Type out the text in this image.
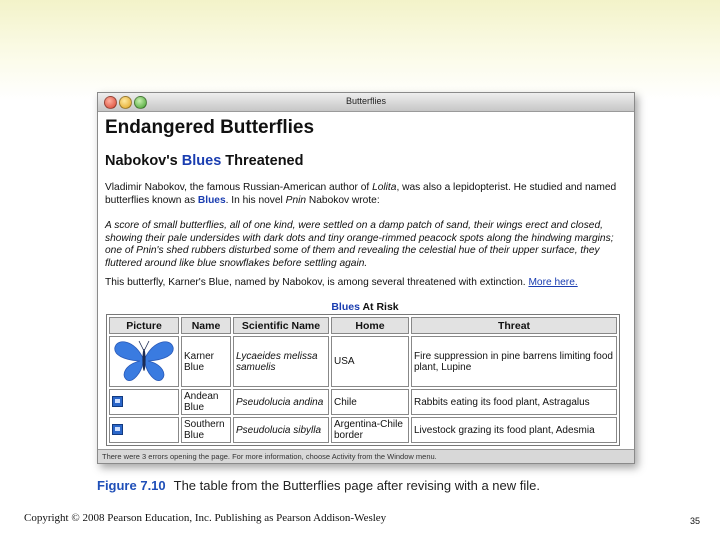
Butterflies
Endangered Butterflies
Nabokov's Blues Threatened
Vladimir Nabokov, the famous Russian-American author of Lolita, was also a lepidopterist. He studied and named butterflies known as Blues. In his novel Pnin Nabokov wrote:
A score of small butterflies, all of one kind, were settled on a damp patch of sand, their wings erect and closed, showing their pale undersides with dark dots and tiny orange-rimmed peacock spots along the hindwing margins; one of Pnin's shed rubbers disturbed some of them and revealing the celestial hue of their upper surface, they fluttered around like blue snowflakes before settling again.
This butterfly, Karner's Blue, named by Nabokov, is among several threatened with extinction. More here.
Blues At Risk
Picture	Name	Scientific Name	Home	Threat
	Karner Blue	Lycaeides melissa samuelis	USA	Fire suppression in pine barrens limiting food plant, Lupine
	Andean Blue	Pseudolucia andina	Chile	Rabbits eating its food plant, Astragalus
	Southern Blue	Pseudolucia sibylla	Argentina-Chile border	Livestock grazing its food plant, Adesmia
There were 3 errors opening the page. For more information, choose Activity from the Window menu.
Figure 7.10 The table from the Butterflies page after revising with a new file.
Copyright © 2008 Pearson Education, Inc. Publishing as Pearson Addison-Wesley	35
